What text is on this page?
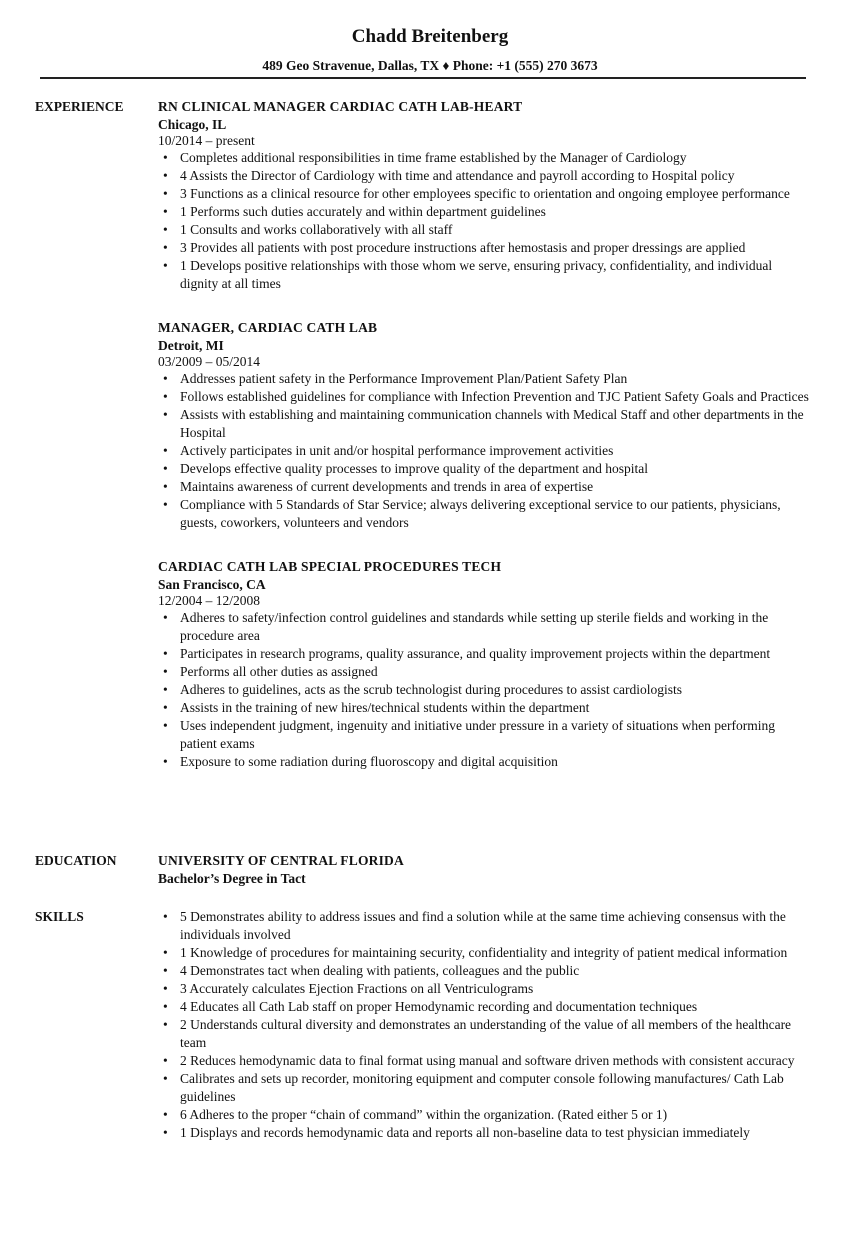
Chadd Breitenberg
489 Geo Stravenue, Dallas, TX ♦ Phone: +1 (555) 270 3673
EXPERIENCE	RN CLINICAL MANAGER CARDIAC CATH LAB-HEART
Chicago, IL
10/2014 – present
• Completes additional responsibilities in time frame established by the Manager of Cardiology
• 4 Assists the Director of Cardiology with time and attendance and payroll according to Hospital policy
• 3 Functions as a clinical resource for other employees specific to orientation and ongoing employee performance
• 1 Performs such duties accurately and within department guidelines
• 1 Consults and works collaboratively with all staff
• 3 Provides all patients with post procedure instructions after hemostasis and proper dressings are applied
• 1 Develops positive relationships with those whom we serve, ensuring privacy, confidentiality, and individual dignity at all times
MANAGER, CARDIAC CATH LAB
Detroit, MI
03/2009 – 05/2014
• Addresses patient safety in the Performance Improvement Plan/Patient Safety Plan
• Follows established guidelines for compliance with Infection Prevention and TJC Patient Safety Goals and Practices
• Assists with establishing and maintaining communication channels with Medical Staff and other departments in the Hospital
• Actively participates in unit and/or hospital performance improvement activities
• Develops effective quality processes to improve quality of the department and hospital
• Maintains awareness of current developments and trends in area of expertise
• Compliance with 5 Standards of Star Service; always delivering exceptional service to our patients, physicians, guests, coworkers, volunteers and vendors
CARDIAC CATH LAB SPECIAL PROCEDURES TECH
San Francisco, CA
12/2004 – 12/2008
• Adheres to safety/infection control guidelines and standards while setting up sterile fields and working in the procedure area
• Participates in research programs, quality assurance, and quality improvement projects within the department
• Performs all other duties as assigned
• Adheres to guidelines, acts as the scrub technologist during procedures to assist cardiologists
• Assists in the training of new hires/technical students within the department
• Uses independent judgment, ingenuity and initiative under pressure in a variety of situations when performing patient exams
• Exposure to some radiation during fluoroscopy and digital acquisition
EDUCATION	UNIVERSITY OF CENTRAL FLORIDA
Bachelor’s Degree in Tact
SKILLS	• 5 Demonstrates ability to address issues and find a solution while at the same time achieving consensus with the individuals involved
• 1 Knowledge of procedures for maintaining security, confidentiality and integrity of patient medical information
• 4 Demonstrates tact when dealing with patients, colleagues and the public
• 3 Accurately calculates Ejection Fractions on all Ventriculograms
• 4 Educates all Cath Lab staff on proper Hemodynamic recording and documentation techniques
• 2 Understands cultural diversity and demonstrates an understanding of the value of all members of the healthcare team
• 2 Reduces hemodynamic data to final format using manual and software driven methods with consistent accuracy
• Calibrates and sets up recorder, monitoring equipment and computer console following manufactures/ Cath Lab guidelines
• 6 Adheres to the proper “chain of command” within the organization. (Rated either 5 or 1)
• 1 Displays and records hemodynamic data and reports all non-baseline data to test physician immediately
